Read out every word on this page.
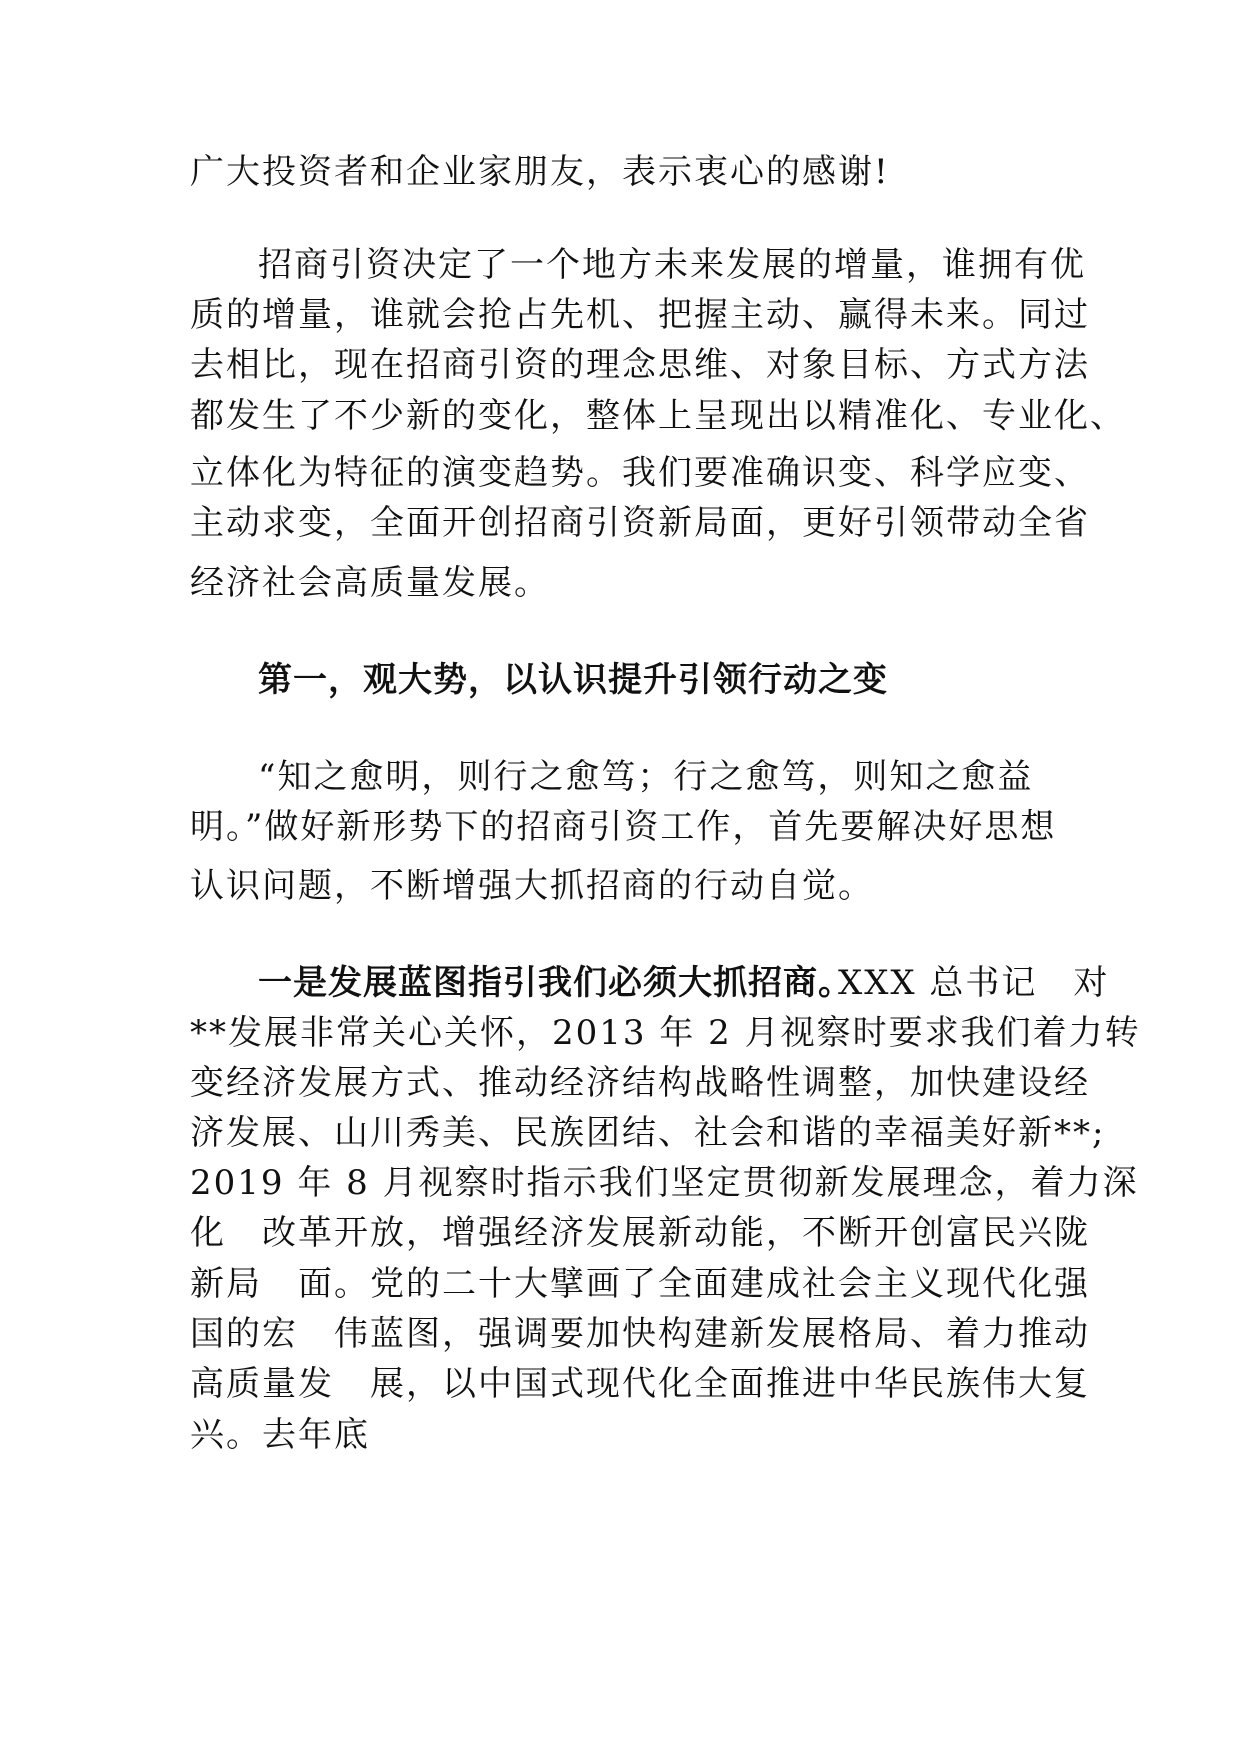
广大投资者和企业家朋友，表示衷心的感谢!
招商引资决定了一个地方未来发展的增量，谁拥有优
质的增量，谁就会抢占先机、把握主动、赢得未来。同过
去相比，现在招商引资的理念思维、对象目标、方式方法
都发生了不少新的变化，整体上呈现出以精准化、专业化、
立体化为特征的演变趋势。我们要准确识变、科学应变、
主动求变，全面开创招商引资新局面，更好引领带动全省
经济社会高质量发展。
第一，观大势，以认识提升引领行动之变
“知之愈明，则行之愈笃；行之愈笃，则知之愈益
明。”做好新形势下的招商引资工作，首先要解决好思想
认识问题，不断增强大抓招商的行动自觉。
一是发展蓝图指引我们必须大抓招商。
XXX 总书记　对
**发展非常关心关怀，2013 年 2 月视察时要求我们着力转
变经济发展方式、推动经济结构战略性调整，加快建设经
济发展、山川秀美、民族团结、社会和谐的幸福美好新**;
2019 年 8 月视察时指示我们坚定贯彻新发展理念，着力深
化　改革开放，增强经济发展新动能，不断开创富民兴陇
新局　面。党的二十大擘画了全面建成社会主义现代化强
国的宏　伟蓝图，强调要加快构建新发展格局、着力推动
高质量发　展，以中国式现代化全面推进中华民族伟大复
兴。去年底
